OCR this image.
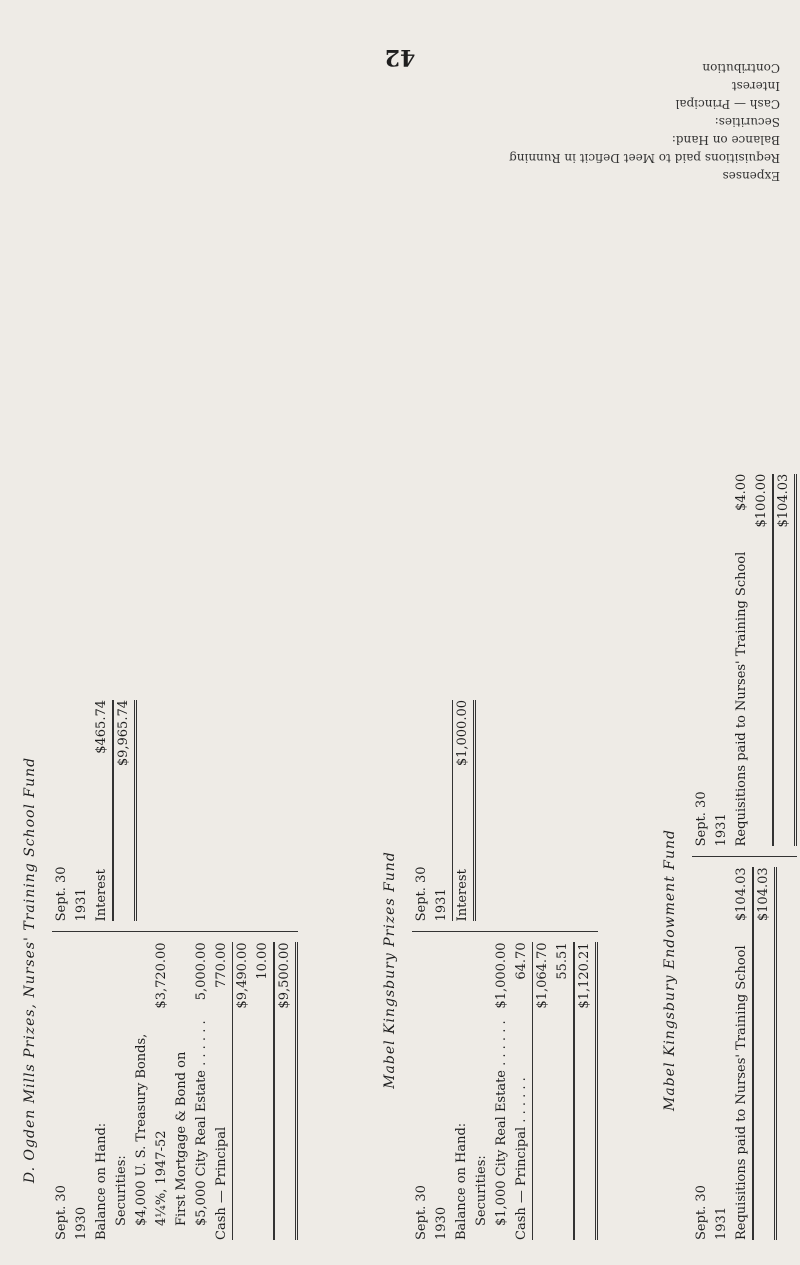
42
D. Ogden Mills Prizes, Nurses' Training School Fund
Sept. 30 1930 Balance on Hand: Securities: $4,000 U. S. Treasury Bonds, 4¼%, 1947-52
$3,720.00
First Mortgage & Bond on $5,000 City Real Estate . . . . . .
5,000.00
Cash — Principal
770.00 $9,490.00 10.00 $9,500.00
Sept. 30 1931 Interest
$465.74 $9,965.74
Mabel Kingsbury Prizes Fund
Sept. 30 1930 Balance on Hand: Securities: $1,000 City Real Estate . . . . . .
$1,000.00
Cash — Principal . . . . . .
64.70 $1,064.70 55.51 $1,120.21
Sept. 30 1931 Interest
$1,000.00
Mabel Kingsbury Endowment Fund
Sept. 30 1931 Requisitions paid to Nurses' Training School
$104.03 $104.03
Sept. 30 1931 Requisitions paid to Nurses' Training School
$4.00 $100.00 $104.03
Expenses
Requisitions paid to Meet Deficit in Running
Balance on Hand:
Securities:
Cash — Principal
Interest
Contribution
